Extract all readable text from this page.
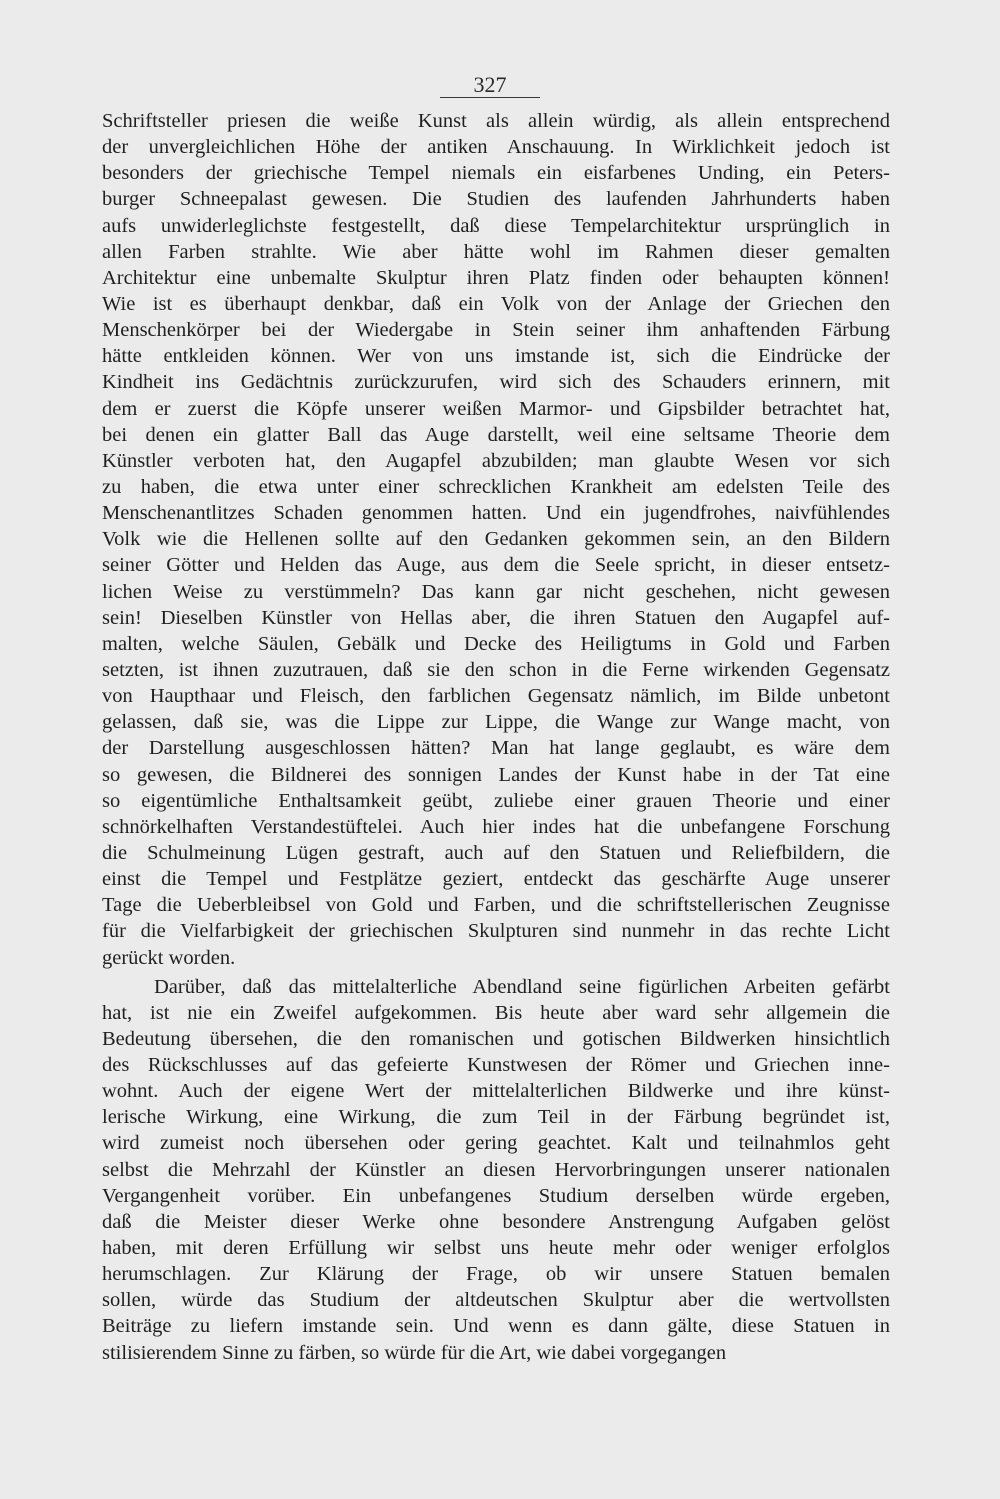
327
Schriftsteller priesen die weiße Kunst als allein würdig, als allein entsprechend
der unvergleichlichen Höhe der antiken Anschauung. In Wirklichkeit jedoch ist
besonders der griechische Tempel niemals ein eisfarbenes Unding, ein Peters-
burger Schneepalast gewesen. Die Studien des laufenden Jahrhunderts haben
aufs unwiderleglichste festgestellt, daß diese Tempelarchitektur ursprünglich in
allen Farben strahlte. Wie aber hätte wohl im Rahmen dieser gemalten
Architektur eine unbemalte Skulptur ihren Platz finden oder behaupten können!
Wie ist es überhaupt denkbar, daß ein Volk von der Anlage der Griechen den
Menschenkörper bei der Wiedergabe in Stein seiner ihm anhaftenden Färbung
hätte entkleiden können. Wer von uns imstande ist, sich die Eindrücke der
Kindheit ins Gedächtnis zurückzurufen, wird sich des Schauders erinnern, mit
dem er zuerst die Köpfe unserer weißen Marmor- und Gipsbilder betrachtet hat,
bei denen ein glatter Ball das Auge darstellt, weil eine seltsame Theorie dem
Künstler verboten hat, den Augapfel abzubilden; man glaubte Wesen vor sich
zu haben, die etwa unter einer schrecklichen Krankheit am edelsten Teile des
Menschenantlitzes Schaden genommen hatten. Und ein jugendfrohes, naivfühlendes
Volk wie die Hellenen sollte auf den Gedanken gekommen sein, an den Bildern
seiner Götter und Helden das Auge, aus dem die Seele spricht, in dieser entsetz-
lichen Weise zu verstümmeln? Das kann gar nicht geschehen, nicht gewesen
sein! Dieselben Künstler von Hellas aber, die ihren Statuen den Augapfel auf-
malten, welche Säulen, Gebälk und Decke des Heiligtums in Gold und Farben
setzten, ist ihnen zuzutrauen, daß sie den schon in die Ferne wirkenden Gegensatz
von Haupthaar und Fleisch, den farblichen Gegensatz nämlich, im Bilde unbetont
gelassen, daß sie, was die Lippe zur Lippe, die Wange zur Wange macht, von
der Darstellung ausgeschlossen hätten? Man hat lange geglaubt, es wäre dem
so gewesen, die Bildnerei des sonnigen Landes der Kunst habe in der Tat eine
so eigentümliche Enthaltsamkeit geübt, zuliebe einer grauen Theorie und einer
schnörkelhaften Verstandestüftelei. Auch hier indes hat die unbefangene Forschung
die Schulmeinung Lügen gestraft, auch auf den Statuen und Reliefbildern, die
einst die Tempel und Festplätze geziert, entdeckt das geschärfte Auge unserer
Tage die Ueberbleibsel von Gold und Farben, und die schriftstellerischen Zeugnisse
für die Vielfarbigkeit der griechischen Skulpturen sind nunmehr in das rechte Licht
gerückt worden.
Darüber, daß das mittelalterliche Abendland seine figürlichen Arbeiten gefärbt
hat, ist nie ein Zweifel aufgekommen. Bis heute aber ward sehr allgemein die
Bedeutung übersehen, die den romanischen und gotischen Bildwerken hinsichtlich
des Rückschlusses auf das gefeierte Kunstwesen der Römer und Griechen inne-
wohnt. Auch der eigene Wert der mittelalterlichen Bildwerke und ihre künst-
lerische Wirkung, eine Wirkung, die zum Teil in der Färbung begründet ist,
wird zumeist noch übersehen oder gering geachtet. Kalt und teilnahmlos geht
selbst die Mehrzahl der Künstler an diesen Hervorbringungen unserer nationalen
Vergangenheit vorüber. Ein unbefangenes Studium derselben würde ergeben,
daß die Meister dieser Werke ohne besondere Anstrengung Aufgaben gelöst
haben, mit deren Erfüllung wir selbst uns heute mehr oder weniger erfolglos
herumschlagen. Zur Klärung der Frage, ob wir unsere Statuen bemalen
sollen, würde das Studium der altdeutschen Skulptur aber die wertvollsten
Beiträge zu liefern imstande sein. Und wenn es dann gälte, diese Statuen in
stilisierendem Sinne zu färben, so würde für die Art, wie dabei vorgegangen
